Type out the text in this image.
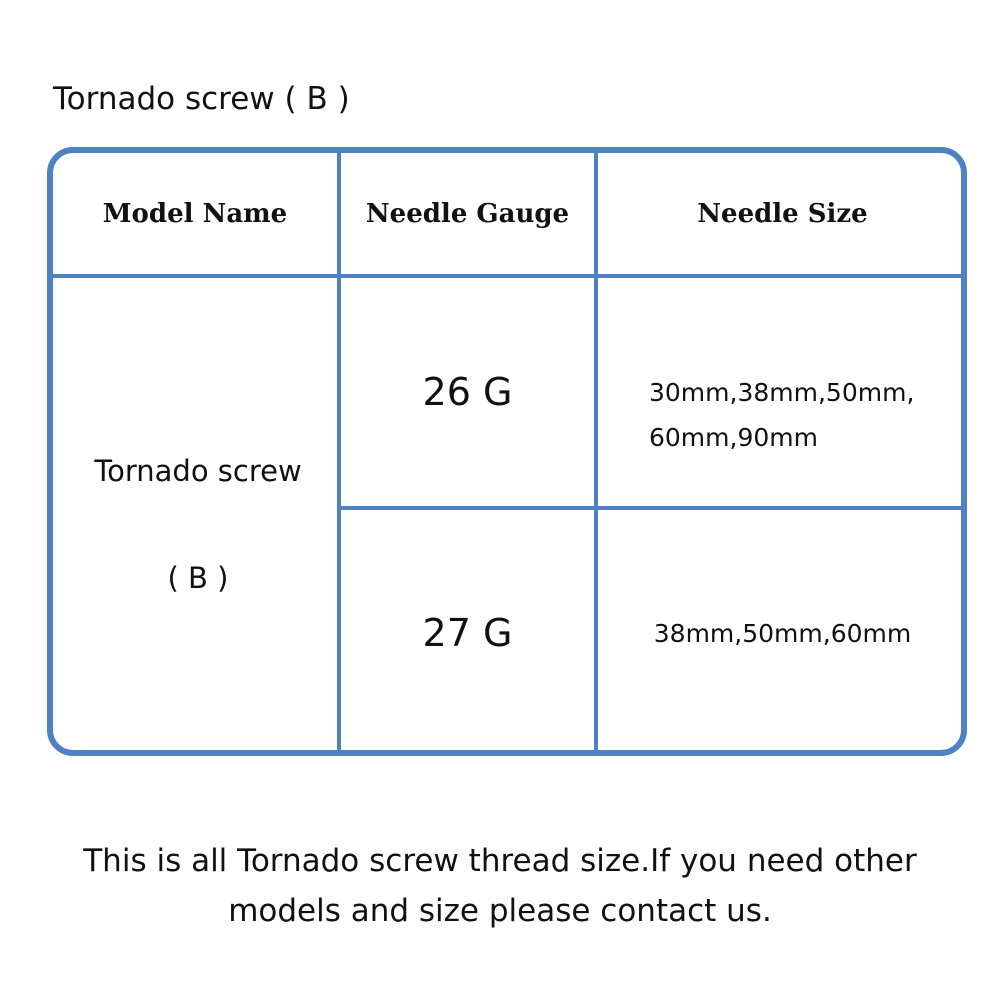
Tornado screw ( B )
Model Name	Needle Gauge	Needle Size
Tornado screw
( B )
26 G	30mm,38mm,50mm,
60mm,90mm
27 G	38mm,50mm,60mm
This is all Tornado screw thread size.If you need other
models and size please contact us.
